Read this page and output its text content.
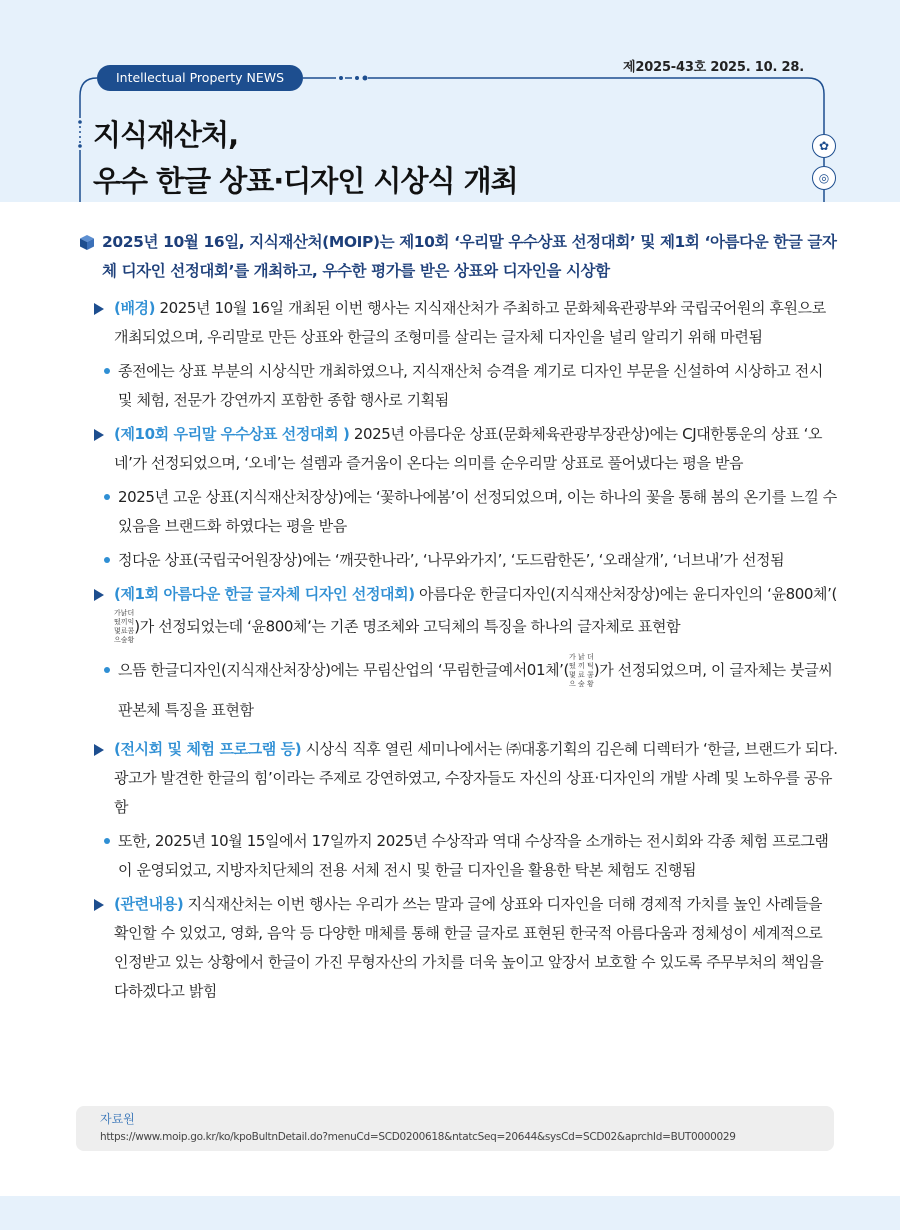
Intellectual Property NEWS
제2025-43호 2025. 10. 28.
지식재산처,
우수 한글 상표·디자인 시상식 개최
✿
◎
2025년 10월 16일, 지식재산처(MOIP)는 제10회 ‘우리말 우수상표 선정대회’ 및 제1회 ‘아름다운 한글 글자체 디자인 선정대회’를 개최하고, 우수한 평가를 받은 상표와 디자인을 시상함
(배경) 2025년 10월 16일 개최된 이번 행사는 지식재산처가 주최하고 문화체육관광부와 국립국어원의 후원으로 개최되었으며, 우리말로 만든 상표와 한글의 조형미를 살리는 글자체 디자인을 널리 알리기 위해 마련됨
종전에는 상표 부분의 시상식만 개최하였으나, 지식재산처 승격을 계기로 디자인 부문을 신설하여 시상하고 전시 및 체험, 전문가 강연까지 포함한 종합 행사로 기획됨
(제10회 우리말 우수상표 선정대회 ) 2025년 아름다운 상표(문화체육관광부장관상)에는 CJ대한통운의 상표 ‘오네’가 선정되었으며, ‘오네’는 설렘과 즐거움이 온다는 의미를 순우리말 상표로 풀어냈다는 평을 받음
2025년 고운 상표(지식재산처장상)에는 ‘꽃하나에봄’이 선정되었으며, 이는 하나의 꽃을 통해 봄의 온기를 느낄 수 있음을 브랜드화 하였다는 평을 받음
정다운 상표(국립국어원장상)에는 ‘깨끗한나라’, ‘나무와가지’, ‘도드람한돈’, ‘오래살개’, ‘너브내’가 선정됨
(제1회 아름다운 한글 글자체 디자인 선정대회) 아름다운 한글디자인(지식재산처장상)에는 윤디자인의 ‘윤800체’(
가낡더
떴끼익
몇료콤
으숲황
)가 선정되었는데 ‘윤800체’는 기존 명조체와 고딕체의 특징을 하나의 글자체로 표현함
으뜸 한글디자인(지식재산처장상)에는 무림산업의 ‘무림한글예서01체’(
가 낡 더
떴 끼 틱
몇 료 콤
으 숲 황
)가 선정되었으며, 이 글자체는 붓글씨 판본체 특징을 표현함
(전시회 및 체험 프로그램 등) 시상식 직후 열린 세미나에서는 ㈜대홍기획의 김은혜 디렉터가 ‘한글, 브랜드가 되다. 광고가 발견한 한글의 힘’이라는 주제로 강연하였고, 수장자들도 자신의 상표·디자인의 개발 사례 및 노하우를 공유함
또한, 2025년 10월 15일에서 17일까지 2025년 수상작과 역대 수상작을 소개하는 전시회와 각종 체험 프로그램이 운영되었고, 지방자치단체의 전용 서체 전시 및 한글 디자인을 활용한 탁본 체험도 진행됨
(관련내용) 지식재산처는 이번 행사는 우리가 쓰는 말과 글에 상표와 디자인을 더해 경제적 가치를 높인 사례들을 확인할 수 있었고, 영화, 음악 등 다양한 매체를 통해 한글 글자로 표현된 한국적 아름다움과 정체성이 세계적으로 인정받고 있는 상황에서 한글이 가진 무형자산의 가치를 더욱 높이고 앞장서 보호할 수 있도록 주무부처의 책임을 다하겠다고 밝힘
자료원
https://www.moip.go.kr/ko/kpoBultnDetail.do?menuCd=SCD0200618&ntatcSeq=20644&sysCd=SCD02&aprchId=BUT0000029
